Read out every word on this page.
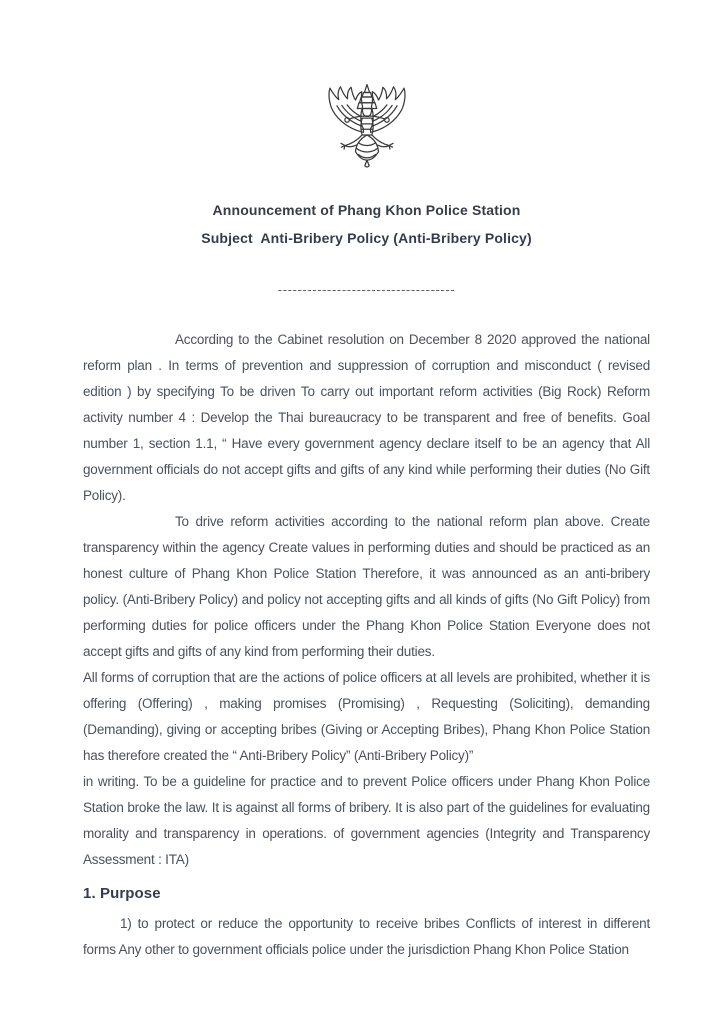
Announcement of Phang Khon Police Station
Subject  Anti-Bribery Policy (Anti-Bribery Policy)
------------------------------------

According to the Cabinet resolution on December 8 2020 approved the national reform plan . In terms of prevention and suppression of corruption and misconduct ( revised edition ) by specifying To be driven To carry out important reform activities (Big Rock) Reform activity number 4 : Develop the Thai bureaucracy to be transparent and free of benefits. Goal number 1, section 1.1, “ Have every government agency declare itself to be an agency that All government officials do not accept gifts and gifts of any kind while performing their duties (No Gift Policy).

To drive reform activities according to the national reform plan above. Create transparency within the agency Create values in performing duties and should be practiced as an honest culture of Phang Khon Police Station Therefore, it was announced as an anti-bribery policy. (Anti-Bribery Policy) and policy not accepting gifts and all kinds of gifts (No Gift Policy) from performing duties for police officers under the Phang Khon Police Station Everyone does not accept gifts and gifts of any kind from performing their duties.

All forms of corruption that are the actions of police officers at all levels are prohibited, whether it is offering (Offering) , making promises (Promising) , Requesting (Soliciting), demanding (Demanding), giving or accepting bribes (Giving or Accepting Bribes), Phang Khon Police Station has therefore created the “ Anti-Bribery Policy” (Anti-Bribery Policy)”

in writing. To be a guideline for practice and to prevent Police officers under Phang Khon Police Station broke the law. It is against all forms of bribery. It is also part of the guidelines for evaluating morality and transparency in operations. of government agencies (Integrity and Transparency Assessment : ITA)

1. Purpose

1) to protect or reduce the opportunity to receive bribes Conflicts of interest in different forms Any other to government officials police under the jurisdiction Phang Khon Police Station
